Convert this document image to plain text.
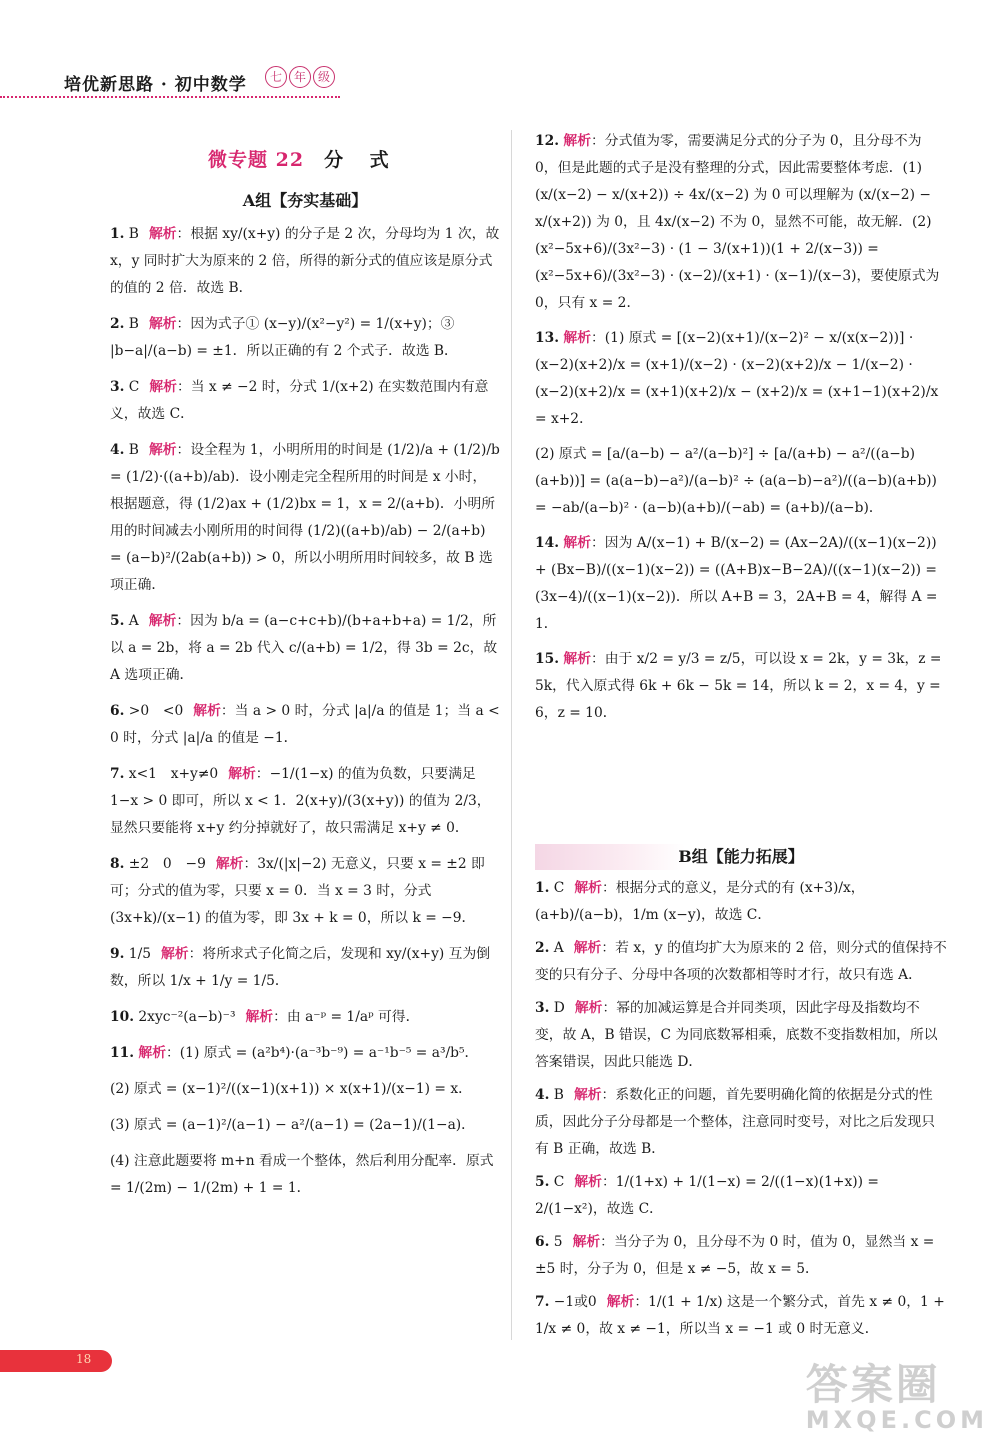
培优新思路 · 初中数学	七 年 级
微专题 22 分 式
A组【夯实基础】
1. B 解析：根据 xy/(x+y) 的分子是 2 次，分母均为 1 次，故 x，y 同时扩大为原来的 2 倍，所得的新分式的值应该是原分式的值的 2 倍．故选 B．
2. B 解析：因为式子① (x−y)/(x²−y²) = 1/(x+y)；③ |b−a|/(a−b) = ±1．所以正确的有 2 个式子．故选 B．
3. C 解析：当 x ≠ −2 时，分式 1/(x+2) 在实数范围内有意义，故选 C．
4. B 解析：设全程为 1，小明所用的时间是 (1/2)/a + (1/2)/b = (1/2)·((a+b)/ab)．设小刚走完全程所用的时间是 x 小时，根据题意，得 (1/2)ax + (1/2)bx = 1，x = 2/(a+b)．小明所用的时间减去小刚所用的时间得 (1/2)((a+b)/ab) − 2/(a+b) = (a−b)²/(2ab(a+b)) > 0，所以小明所用时间较多，故 B 选项正确．
5. A 解析：因为 b/a = (a−c+c+b)/(b+a+b+a) = 1/2，所以 a = 2b，将 a = 2b 代入 c/(a+b) = 1/2，得 3b = 2c，故 A 选项正确．
6. >0　<0 解析：当 a > 0 时，分式 |a|/a 的值是 1；当 a < 0 时，分式 |a|/a 的值是 −1．
7. x<1　x+y≠0 解析：−1/(1−x) 的值为负数，只要满足 1−x > 0 即可，所以 x < 1．2(x+y)/(3(x+y)) 的值为 2/3，显然只要能将 x+y 约分掉就好了，故只需满足 x+y ≠ 0．
8. ±2　0　−9 解析：3x/(|x|−2) 无意义，只要 x = ±2 即可；分式的值为零，只要 x = 0．当 x = 3 时，分式 (3x+k)/(x−1) 的值为零，即 3x + k = 0，所以 k = −9．
9. 1/5 解析：将所求式子化简之后，发现和 xy/(x+y) 互为倒数，所以 1/x + 1/y = 1/5．
10. 2xyc⁻²(a−b)⁻³ 解析：由 a⁻ᵖ = 1/aᵖ 可得．
11. 解析：(1) 原式 = (a²b⁴)·(a⁻³b⁻⁹) = a⁻¹b⁻⁵ = a³/b⁵．
(2) 原式 = (x−1)²/((x−1)(x+1)) × x(x+1)/(x−1) = x．
(3) 原式 = (a−1)²/(a−1) − a²/(a−1) = (2a−1)/(1−a)．
(4) 注意此题要将 m+n 看成一个整体，然后利用分配率．原式 = 1/(2m) − 1/(2m) + 1 = 1．
12. 解析：分式值为零，需要满足分式的分子为 0，且分母不为 0，但是此题的式子是没有整理的分式，因此需要整体考虑．(1) (x/(x−2) − x/(x+2)) ÷ 4x/(x−2) 为 0 可以理解为 (x/(x−2) − x/(x+2)) 为 0，且 4x/(x−2) 不为 0，显然不可能，故无解．(2) (x²−5x+6)/(3x²−3) · (1 − 3/(x+1))(1 + 2/(x−3)) = (x²−5x+6)/(3x²−3) · (x−2)/(x+1) · (x−1)/(x−3)，要使原式为 0，只有 x = 2．
13. 解析：(1) 原式 = [(x−2)(x+1)/(x−2)² − x/(x(x−2))] · (x−2)(x+2)/x = (x+1)/(x−2) · (x−2)(x+2)/x − 1/(x−2) · (x−2)(x+2)/x = (x+1)(x+2)/x − (x+2)/x = (x+1−1)(x+2)/x = x+2．
(2) 原式 = [a/(a−b) − a²/(a−b)²] ÷ [a/(a+b) − a²/((a−b)(a+b))] = (a(a−b)−a²)/(a−b)² ÷ (a(a−b)−a²)/((a−b)(a+b)) = −ab/(a−b)² · (a−b)(a+b)/(−ab) = (a+b)/(a−b)．
14. 解析：因为 A/(x−1) + B/(x−2) = (Ax−2A)/((x−1)(x−2)) + (Bx−B)/((x−1)(x−2)) = ((A+B)x−B−2A)/((x−1)(x−2)) = (3x−4)/((x−1)(x−2))．所以 A+B = 3，2A+B = 4，解得 A = 1．
15. 解析：由于 x/2 = y/3 = z/5，可以设 x = 2k，y = 3k，z = 5k，代入原式得 6k + 6k − 5k = 14，所以 k = 2，x = 4，y = 6，z = 10．
B组【能力拓展】
1. C 解析：根据分式的意义，是分式的有 (x+3)/x，(a+b)/(a−b)，1/m (x−y)，故选 C．
2. A 解析：若 x，y 的值均扩大为原来的 2 倍，则分式的值保持不变的只有分子、分母中各项的次数都相等时才行，故只有选 A．
3. D 解析：幂的加减运算是合并同类项，因此字母及指数均不变，故 A，B 错误，C 为同底数幂相乘，底数不变指数相加，所以答案错误，因此只能选 D．
4. B 解析：系数化正的问题，首先要明确化简的依据是分式的性质，因此分子分母都是一个整体，注意同时变号，对比之后发现只有 B 正确，故选 B．
5. C 解析：1/(1+x) + 1/(1−x) = 2/((1−x)(1+x)) = 2/(1−x²)，故选 C．
6. 5 解析：当分子为 0，且分母不为 0 时，值为 0，显然当 x = ±5 时，分子为 0，但是 x ≠ −5，故 x = 5．
7. −1或0 解析：1/(1 + 1/x) 这是一个繁分式，首先 x ≠ 0，1 + 1/x ≠ 0，故 x ≠ −1，所以当 x = −1 或 0 时无意义．
18
答案圈
MXQE.COM
